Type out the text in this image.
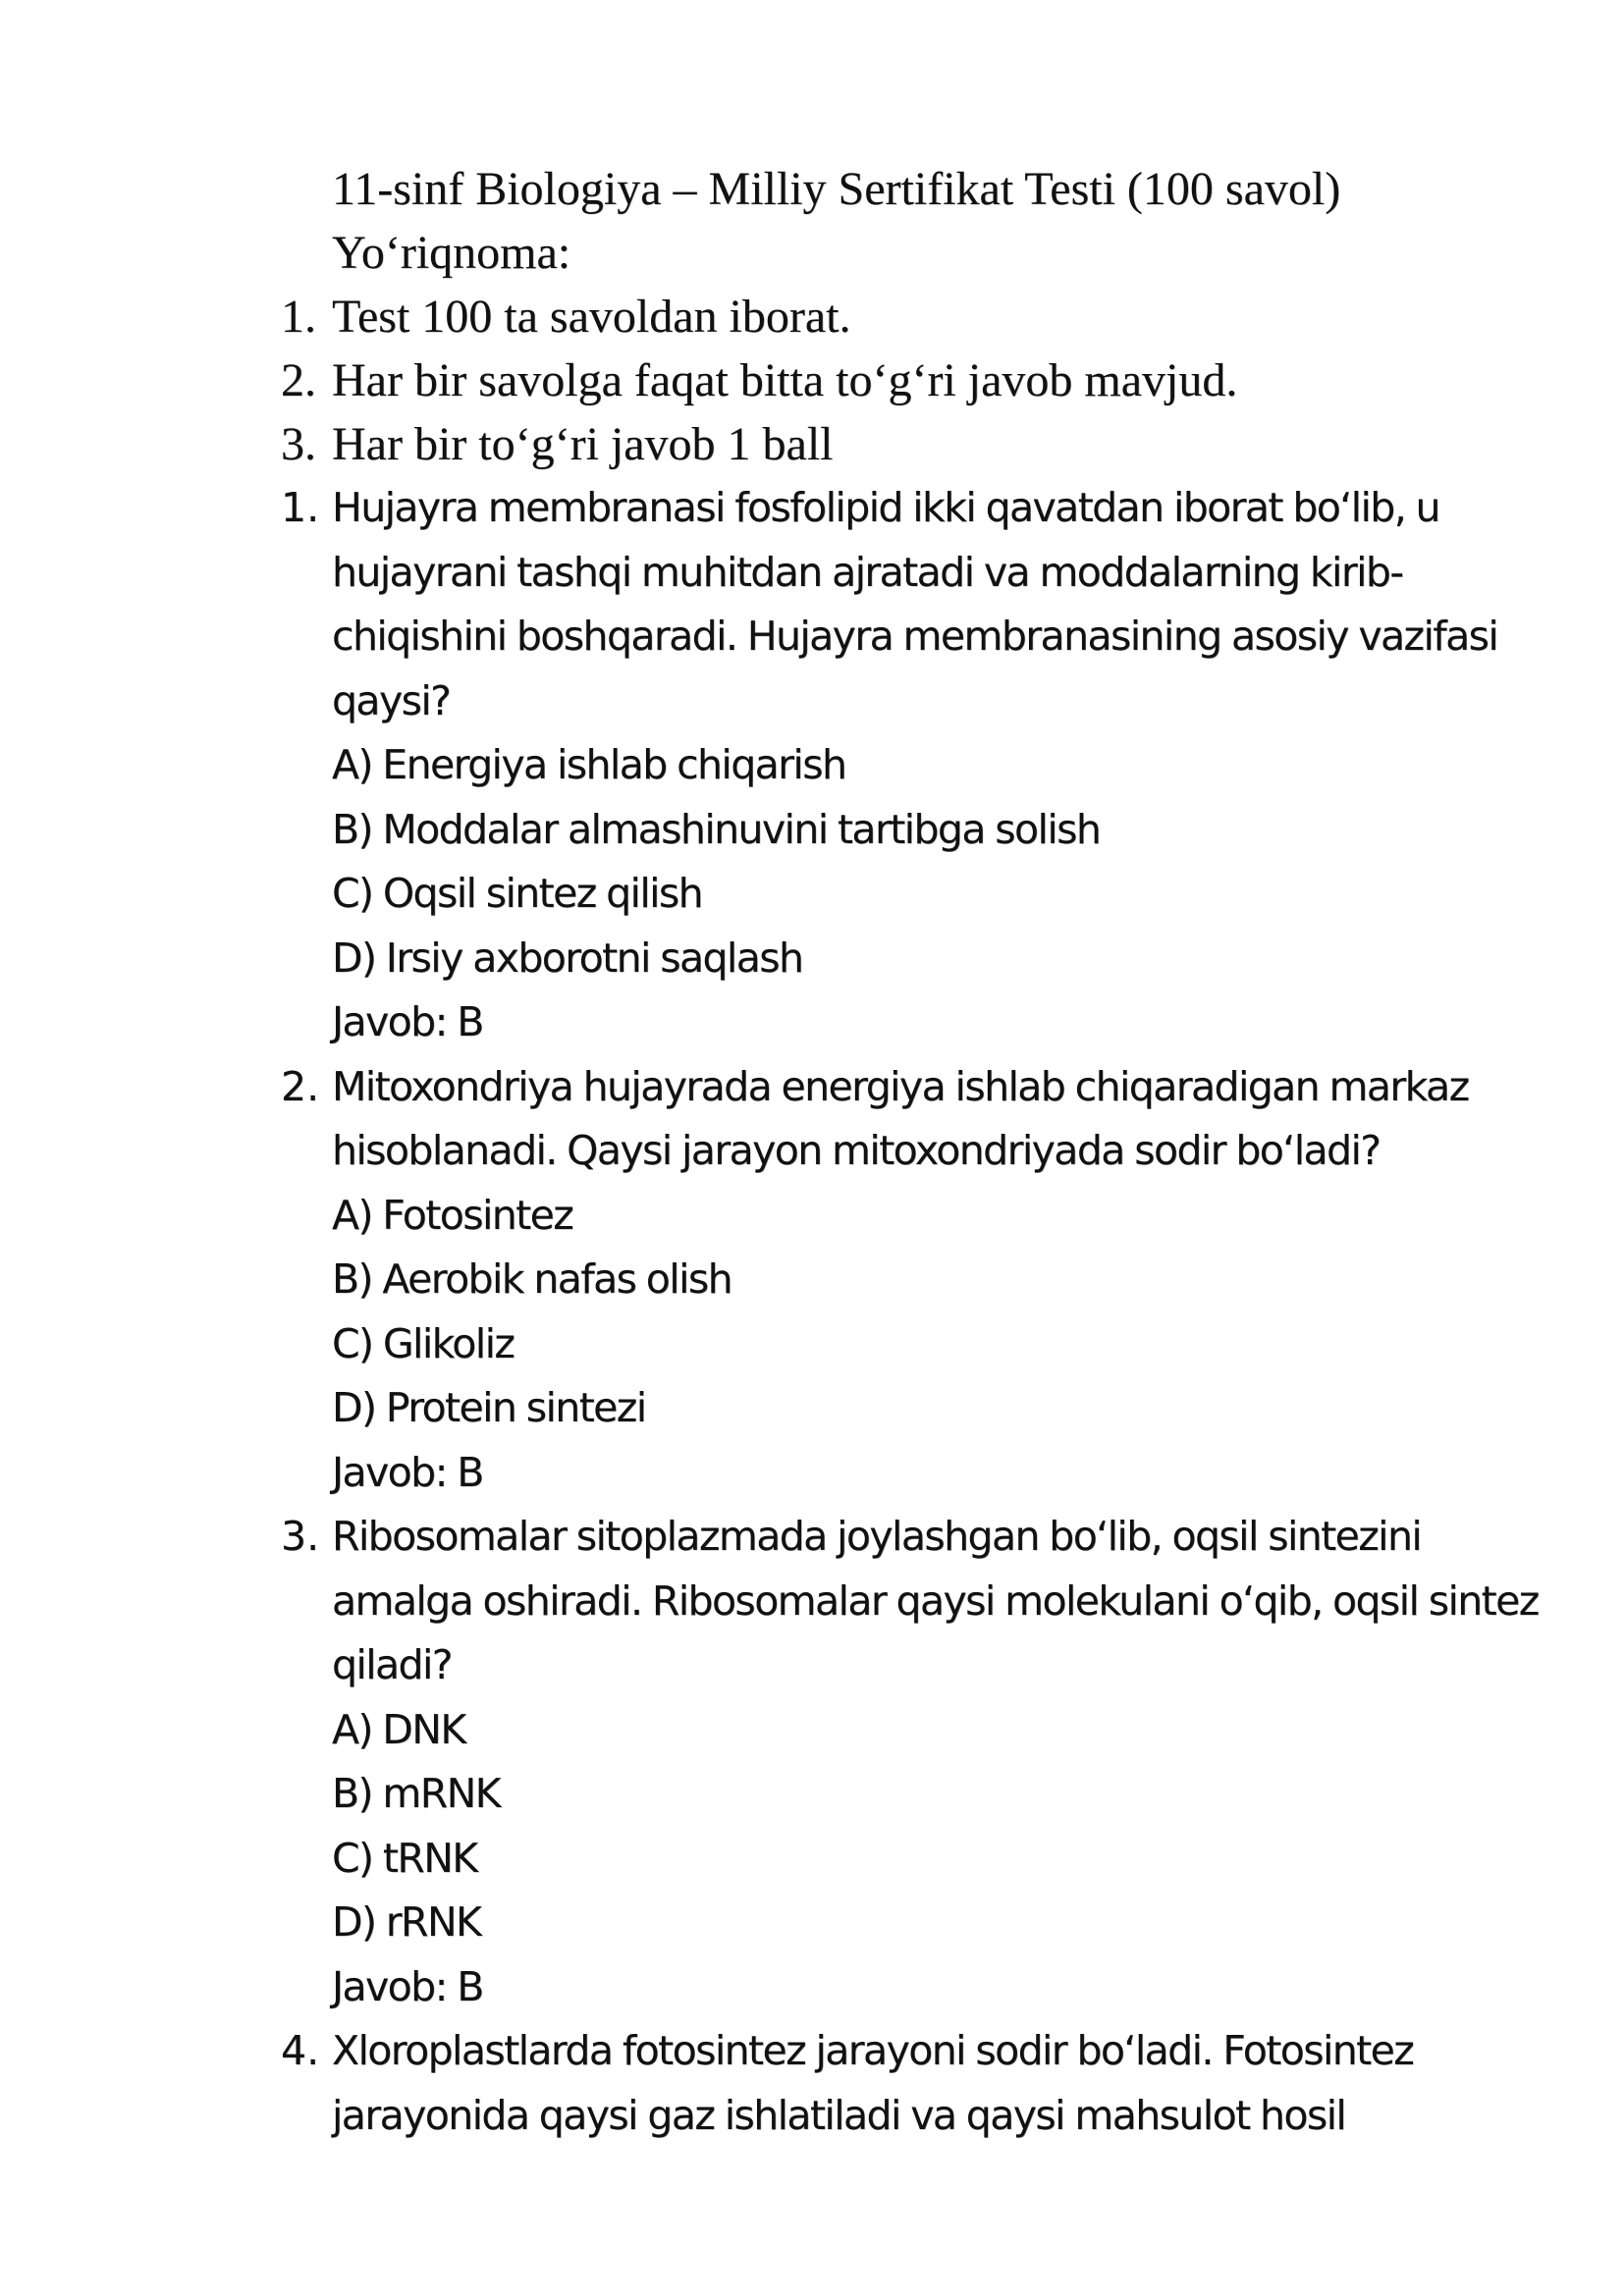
11-sinf Biologiya – Milliy Sertifikat Testi (100 savol)
Yo‘riqnoma:
1. Test 100 ta savoldan iborat.
2. Har bir savolga faqat bitta to‘g‘ri javob mavjud.
3. Har bir to‘g‘ri javob 1 ball
1. Hujayra membranasi fosfolipid ikki qavatdan iborat bo‘lib, u hujayrani tashqi muhitdan ajratadi va moddalarning kirib-chiqishini boshqaradi. Hujayra membranasining asosiy vazifasi qaysi?
A) Energiya ishlab chiqarish
B) Moddalar almashinuvini tartibga solish
C) Oqsil sintez qilish
D) Irsiy axborotni saqlash
Javob: B
2. Mitoxondriya hujayrada energiya ishlab chiqaradigan markaz hisoblanadi. Qaysi jarayon mitoxondriyada sodir bo‘ladi?
A) Fotosintez
B) Aerobik nafas olish
C) Glikoliz
D) Protein sintezi
Javob: B
3. Ribosomalar sitoplazmada joylashgan bo‘lib, oqsil sintezini amalga oshiradi. Ribosomalar qaysi molekulani o‘qib, oqsil sintez qiladi?
A) DNK
B) mRNK
C) tRNK
D) rRNK
Javob: B
4. Xloroplastlarda fotosintez jarayoni sodir bo‘ladi. Fotosintez jarayonida qaysi gaz ishlatiladi va qaysi mahsulot hosil
